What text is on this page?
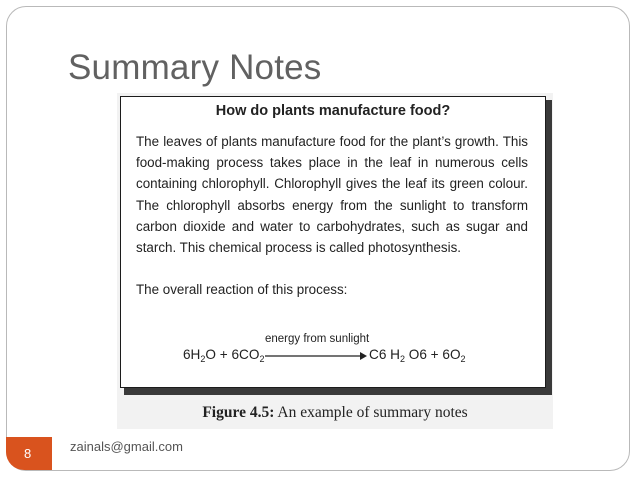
Summary Notes
How do plants manufacture food?
The leaves of plants manufacture food for the plant’s growth. This food-making process takes place in the leaf in numerous cells containing chlorophyll. Chlorophyll gives the leaf its green colour. The chlorophyll absorbs energy from the sunlight to transform carbon dioxide and water to carbohydrates, such as sugar and starch. This chemical process is called photosynthesis.
The overall reaction of this process:
$6H_2O + 6CO_2$
energy from sunlight
C6 $H_2$ $O6 + 6O_2$
Figure 4.5: An example of summary notes
8	zainals@gmail.com
